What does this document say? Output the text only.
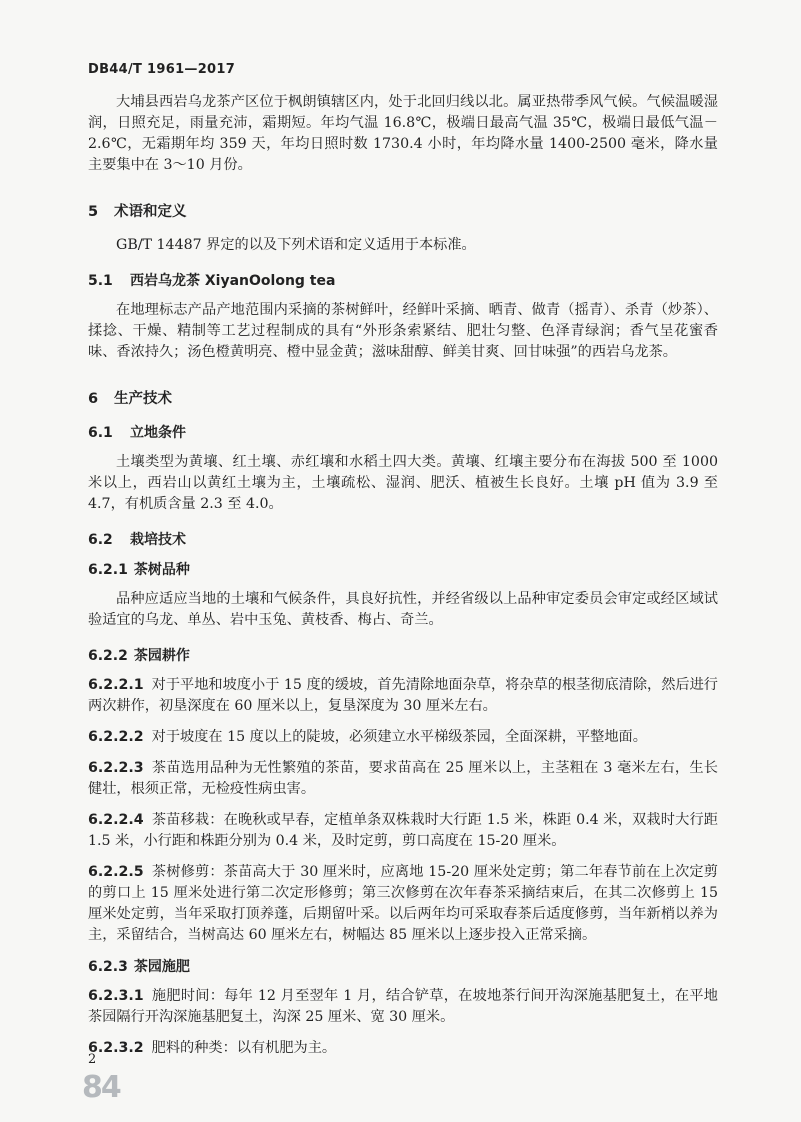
DB44/T 1961—2017

大埔县西岩乌龙茶产区位于枫朗镇辖区内，处于北回归线以北。属亚热带季风气候。气候温暖湿润，日照充足，雨量充沛，霜期短。年均气温 16.8℃，极端日最高气温 35℃，极端日最低气温－2.6℃，无霜期年均 359 天，年均日照时数 1730.4 小时，年均降水量 1400-2500 毫米，降水量主要集中在 3～10 月份。

5 术语和定义

GB/T 14487 界定的以及下列术语和定义适用于本标准。

5.1 西岩乌龙茶 XiyanOolong tea

在地理标志产品产地范围内采摘的茶树鲜叶，经鲜叶采摘、晒青、做青（摇青）、杀青（炒茶）、揉捻、干燥、精制等工艺过程制成的具有“外形条索紧结、肥壮匀整、色泽青绿润；香气呈花蜜香味、香浓持久；汤色橙黄明亮、橙中显金黄；滋味甜醇、鲜美甘爽、回甘味强”的西岩乌龙茶。

6 生产技术
6.1 立地条件

土壤类型为黄壤、红土壤、赤红壤和水稻土四大类。黄壤、红壤主要分布在海拔 500 至 1000 米以上，西岩山以黄红土壤为主，土壤疏松、湿润、肥沃、植被生长良好。土壤 pH 值为 3.9 至 4.7，有机质含量 2.3 至 4.0。

6.2 栽培技术
6.2.1 茶树品种

品种应适应当地的土壤和气候条件，具良好抗性，并经省级以上品种审定委员会审定或经区域试验适宜的乌龙、单丛、岩中玉兔、黄枝香、梅占、奇兰。

6.2.2 茶园耕作

6.2.2.1 对于平地和坡度小于 15 度的缓坡，首先清除地面杂草，将杂草的根茎彻底清除，然后进行两次耕作，初垦深度在 60 厘米以上，复垦深度为 30 厘米左右。

6.2.2.2 对于坡度在 15 度以上的陡坡，必须建立水平梯级茶园，全面深耕，平整地面。

6.2.2.3 茶苗选用品种为无性繁殖的茶苗，要求苗高在 25 厘米以上，主茎粗在 3 毫米左右，生长健壮，根须正常，无检疫性病虫害。

6.2.2.4 茶苗移栽：在晚秋或早春，定植单条双株栽时大行距 1.5 米，株距 0.4 米，双栽时大行距 1.5 米，小行距和株距分别为 0.4 米，及时定剪，剪口高度在 15-20 厘米。

6.2.2.5 茶树修剪：茶苗高大于 30 厘米时，应离地 15-20 厘米处定剪；第二年春节前在上次定剪的剪口上 15 厘米处进行第二次定形修剪；第三次修剪在次年春茶采摘结束后，在其二次修剪上 15 厘米处定剪，当年采取打顶养蓬，后期留叶采。以后两年均可采取春茶后适度修剪，当年新梢以养为主，采留结合，当树高达 60 厘米左右，树幅达 85 厘米以上逐步投入正常采摘。

6.2.3 茶园施肥

6.2.3.1 施肥时间：每年 12 月至翌年 1 月，结合铲草，在坡地茶行间开沟深施基肥复土，在平地茶园隔行开沟深施基肥复土，沟深 25 厘米、宽 30 厘米。

6.2.3.2 肥料的种类：以有机肥为主。

2
84
